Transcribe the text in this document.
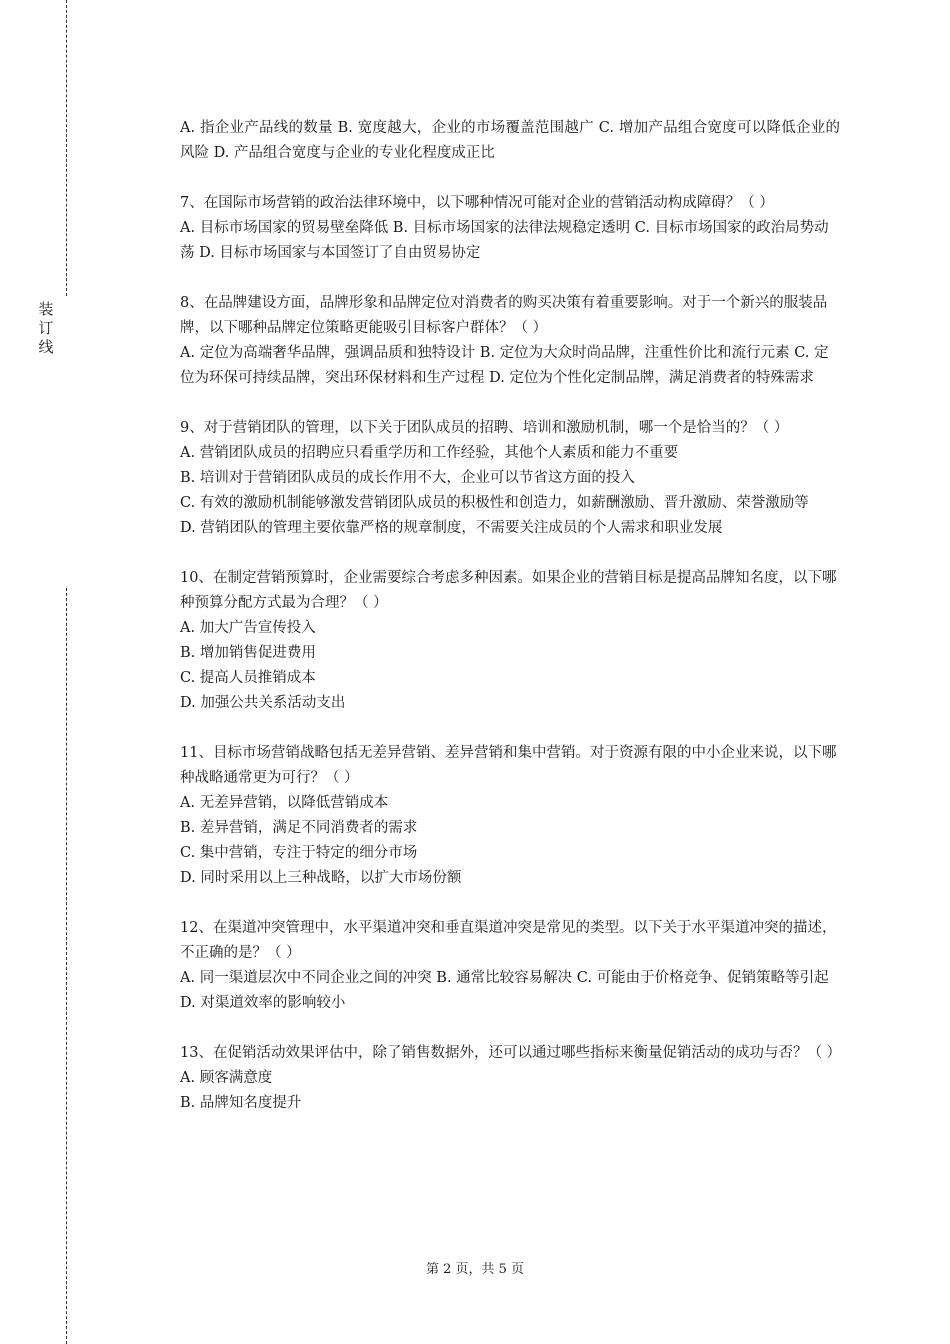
装
订
线

A. 指企业产品线的数量 B. 宽度越大，企业的市场覆盖范围越广 C. 增加产品组合宽度可以降低企业的风险 D. 产品组合宽度与企业的专业化程度成正比

7、在国际市场营销的政治法律环境中，以下哪种情况可能对企业的营销活动构成障碍？（ ）

A. 目标市场国家的贸易壁垒降低 B. 目标市场国家的法律法规稳定透明 C. 目标市场国家的政治局势动荡 D. 目标市场国家与本国签订了自由贸易协定

8、在品牌建设方面，品牌形象和品牌定位对消费者的购买决策有着重要影响。对于一个新兴的服装品牌，以下哪种品牌定位策略更能吸引目标客户群体？（ ）

A. 定位为高端奢华品牌，强调品质和独特设计 B. 定位为大众时尚品牌，注重性价比和流行元素 C. 定位为环保可持续品牌，突出环保材料和生产过程 D. 定位为个性化定制品牌，满足消费者的特殊需求

9、对于营销团队的管理，以下关于团队成员的招聘、培训和激励机制，哪一个是恰当的？（ ）

A. 营销团队成员的招聘应只看重学历和工作经验，其他个人素质和能力不重要

B. 培训对于营销团队成员的成长作用不大，企业可以节省这方面的投入

C. 有效的激励机制能够激发营销团队成员的积极性和创造力，如薪酬激励、晋升激励、荣誉激励等

D. 营销团队的管理主要依靠严格的规章制度，不需要关注成员的个人需求和职业发展

10、在制定营销预算时，企业需要综合考虑多种因素。如果企业的营销目标是提高品牌知名度，以下哪种预算分配方式最为合理？（ ）

A. 加大广告宣传投入

B. 增加销售促进费用

C. 提高人员推销成本

D. 加强公共关系活动支出

11、目标市场营销战略包括无差异营销、差异营销和集中营销。对于资源有限的中小企业来说，以下哪种战略通常更为可行？（ ）

A. 无差异营销，以降低营销成本

B. 差异营销，满足不同消费者的需求

C. 集中营销，专注于特定的细分市场

D. 同时采用以上三种战略，以扩大市场份额

12、在渠道冲突管理中，水平渠道冲突和垂直渠道冲突是常见的类型。以下关于水平渠道冲突的描述，不正确的是？（ ）

A. 同一渠道层次中不同企业之间的冲突 B. 通常比较容易解决 C. 可能由于价格竞争、促销策略等引起 D. 对渠道效率的影响较小

13、在促销活动效果评估中，除了销售数据外，还可以通过哪些指标来衡量促销活动的成功与否？（ ）

A. 顾客满意度

B. 品牌知名度提升

第 2 页，共 5 页
